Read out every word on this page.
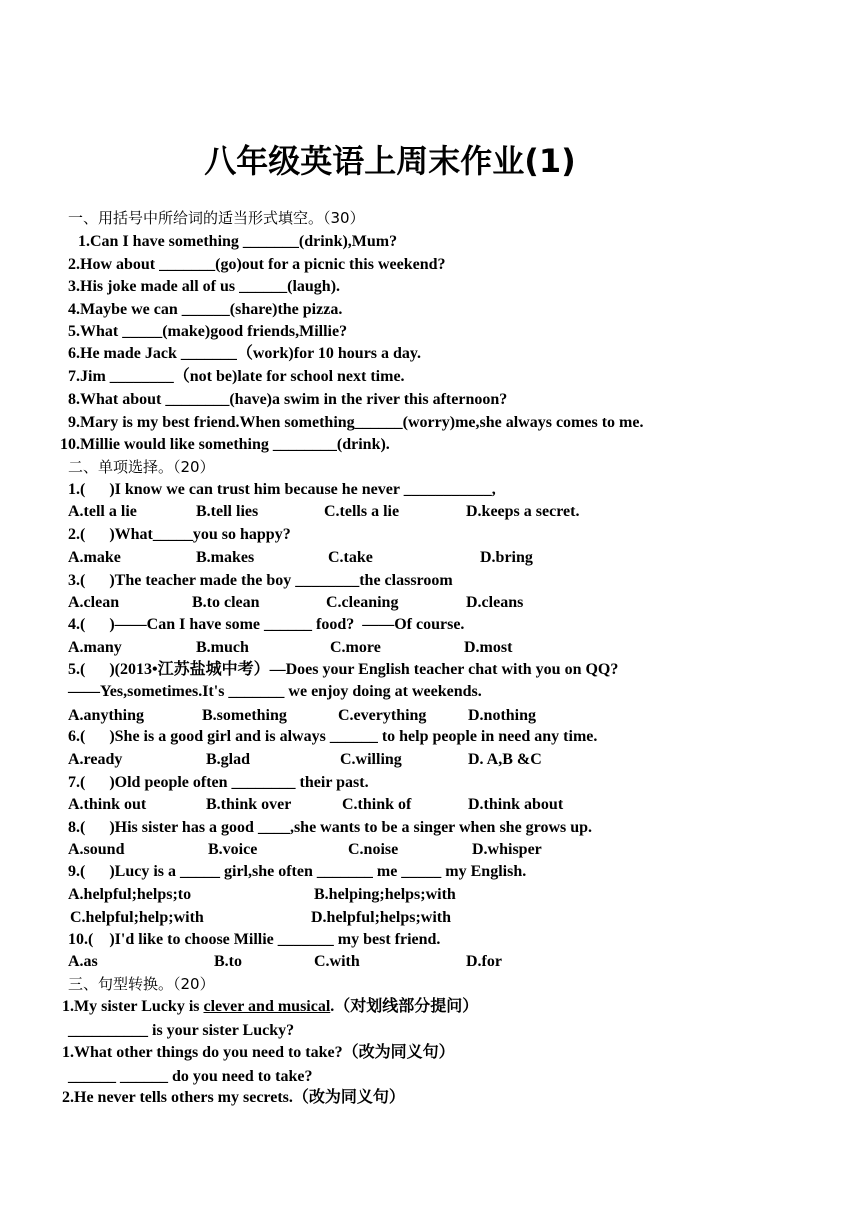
八年级英语上周末作业(1)
一、用括号中所给词的适当形式填空。（30）
1.Can I have something _______(drink),Mum?
2.How about _______(go)out for a picnic this weekend?
3.His joke made all of us ______(laugh).
4.Maybe we can ______(share)the pizza.
5.What _____(make)good friends,Millie?
6.He made Jack _______（work)for 10 hours a day.
7.Jim ________（not be)late for school next time.
8.What about ________(have)a swim in the river this afternoon?
9.Mary is my best friend.When something______(worry)me,she always comes to me.
10.Millie would like something ________(drink).
二、单项选择。（20）
1.(      )I know we can trust him because he never ___________,
A.tell a lie	B.tell lies	C.tells a lie	D.keeps a secret.
2.(      )What_____you so happy?
A.make	B.makes	C.take	D.bring
3.(      )The teacher made the boy ________the classroom
A.clean	B.to clean	C.cleaning	D.cleans
4.(      )——Can I have some ______ food?  ——Of course.
A.many	B.much	C.more	D.most
5.(      )(2013•江苏盐城中考）—Does your English teacher chat with you on QQ?
——Yes,sometimes.It's _______ we enjoy doing at weekends.
A.anything	B.something	C.everything	D.nothing
6.(      )She is a good girl and is always ______ to help people in need any time.
A.ready	B.glad	C.willing	D. A,B &C
7.(      )Old people often ________ their past.
A.think out	B.think over	C.think of	D.think about
8.(      )His sister has a good ____,she wants to be a singer when she grows up.
A.sound	B.voice	C.noise	D.whisper
9.(      )Lucy is a _____ girl,she often _______ me _____ my English.
A.helpful;helps;to	B.helping;helps;with
C.helpful;help;with	D.helpful;helps;with
10.(    )I'd like to choose Millie _______ my best friend.
A.as	B.to	C.with	D.for
三、句型转换。（20）
1.My sister Lucky is clever and musical.（对划线部分提问）
__________ is your sister Lucky?
1.What other things do you need to take?（改为同义句）
______ ______ do you need to take?
2.He never tells others my secrets.（改为同义句）
